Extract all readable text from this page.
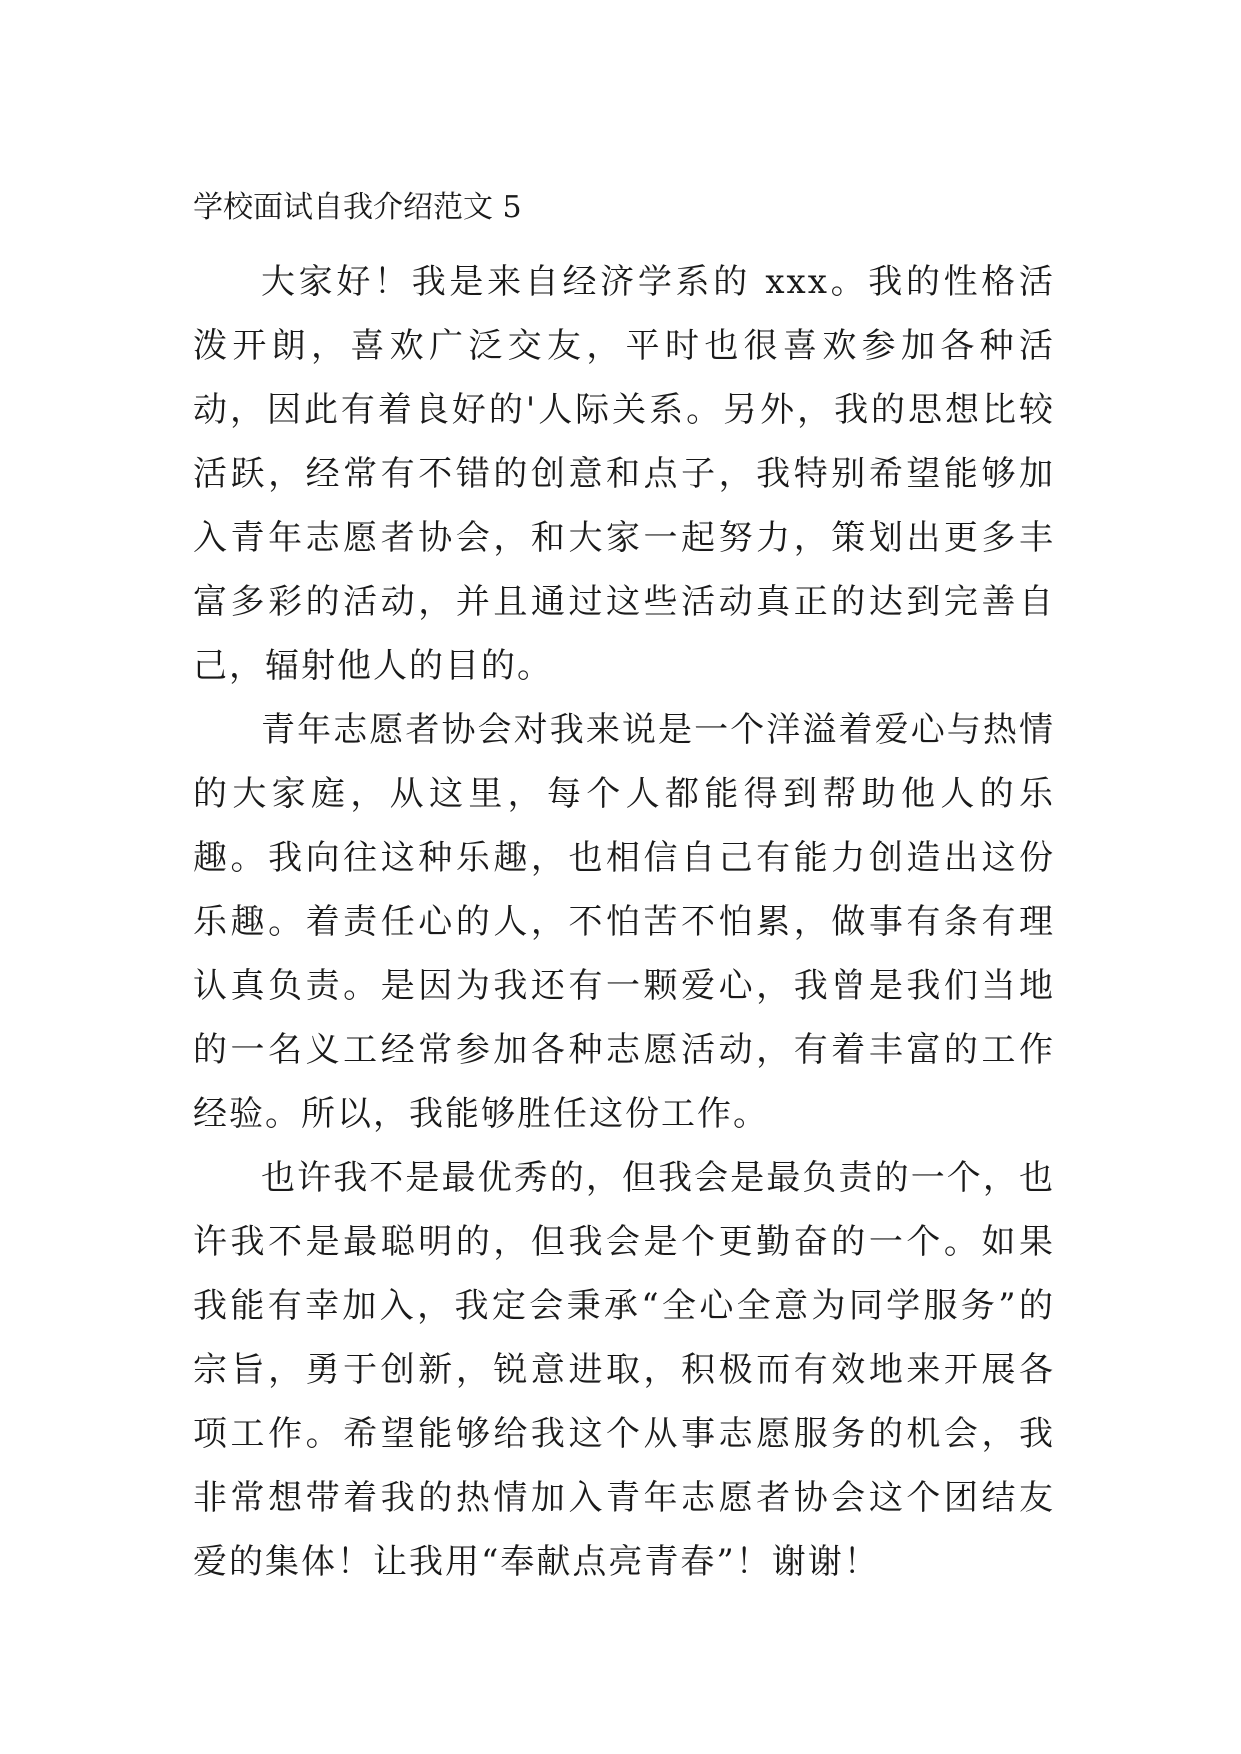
学校面试自我介绍范文 5

大家好！我是来自经济学系的 xxx。我的性格活泼开朗，喜欢广泛交友，平时也很喜欢参加各种活动，因此有着良好的'人际关系。另外，我的思想比较活跃，经常有不错的创意和点子，我特别希望能够加入青年志愿者协会，和大家一起努力，策划出更多丰富多彩的活动，并且通过这些活动真正的达到完善自己，辐射他人的目的。

青年志愿者协会对我来说是一个洋溢着爱心与热情的大家庭，从这里，每个人都能得到帮助他人的乐趣。我向往这种乐趣，也相信自己有能力创造出这份乐趣。着责任心的人，不怕苦不怕累，做事有条有理认真负责。是因为我还有一颗爱心，我曾是我们当地的一名义工经常参加各种志愿活动，有着丰富的工作经验。所以，我能够胜任这份工作。

也许我不是最优秀的，但我会是最负责的一个，也许我不是最聪明的，但我会是个更勤奋的一个。如果我能有幸加入，我定会秉承“全心全意为同学服务”的宗旨，勇于创新，锐意进取，积极而有效地来开展各项工作。希望能够给我这个从事志愿服务的机会，我非常想带着我的热情加入青年志愿者协会这个团结友爱的集体！让我用“奉献点亮青春”！谢谢！
